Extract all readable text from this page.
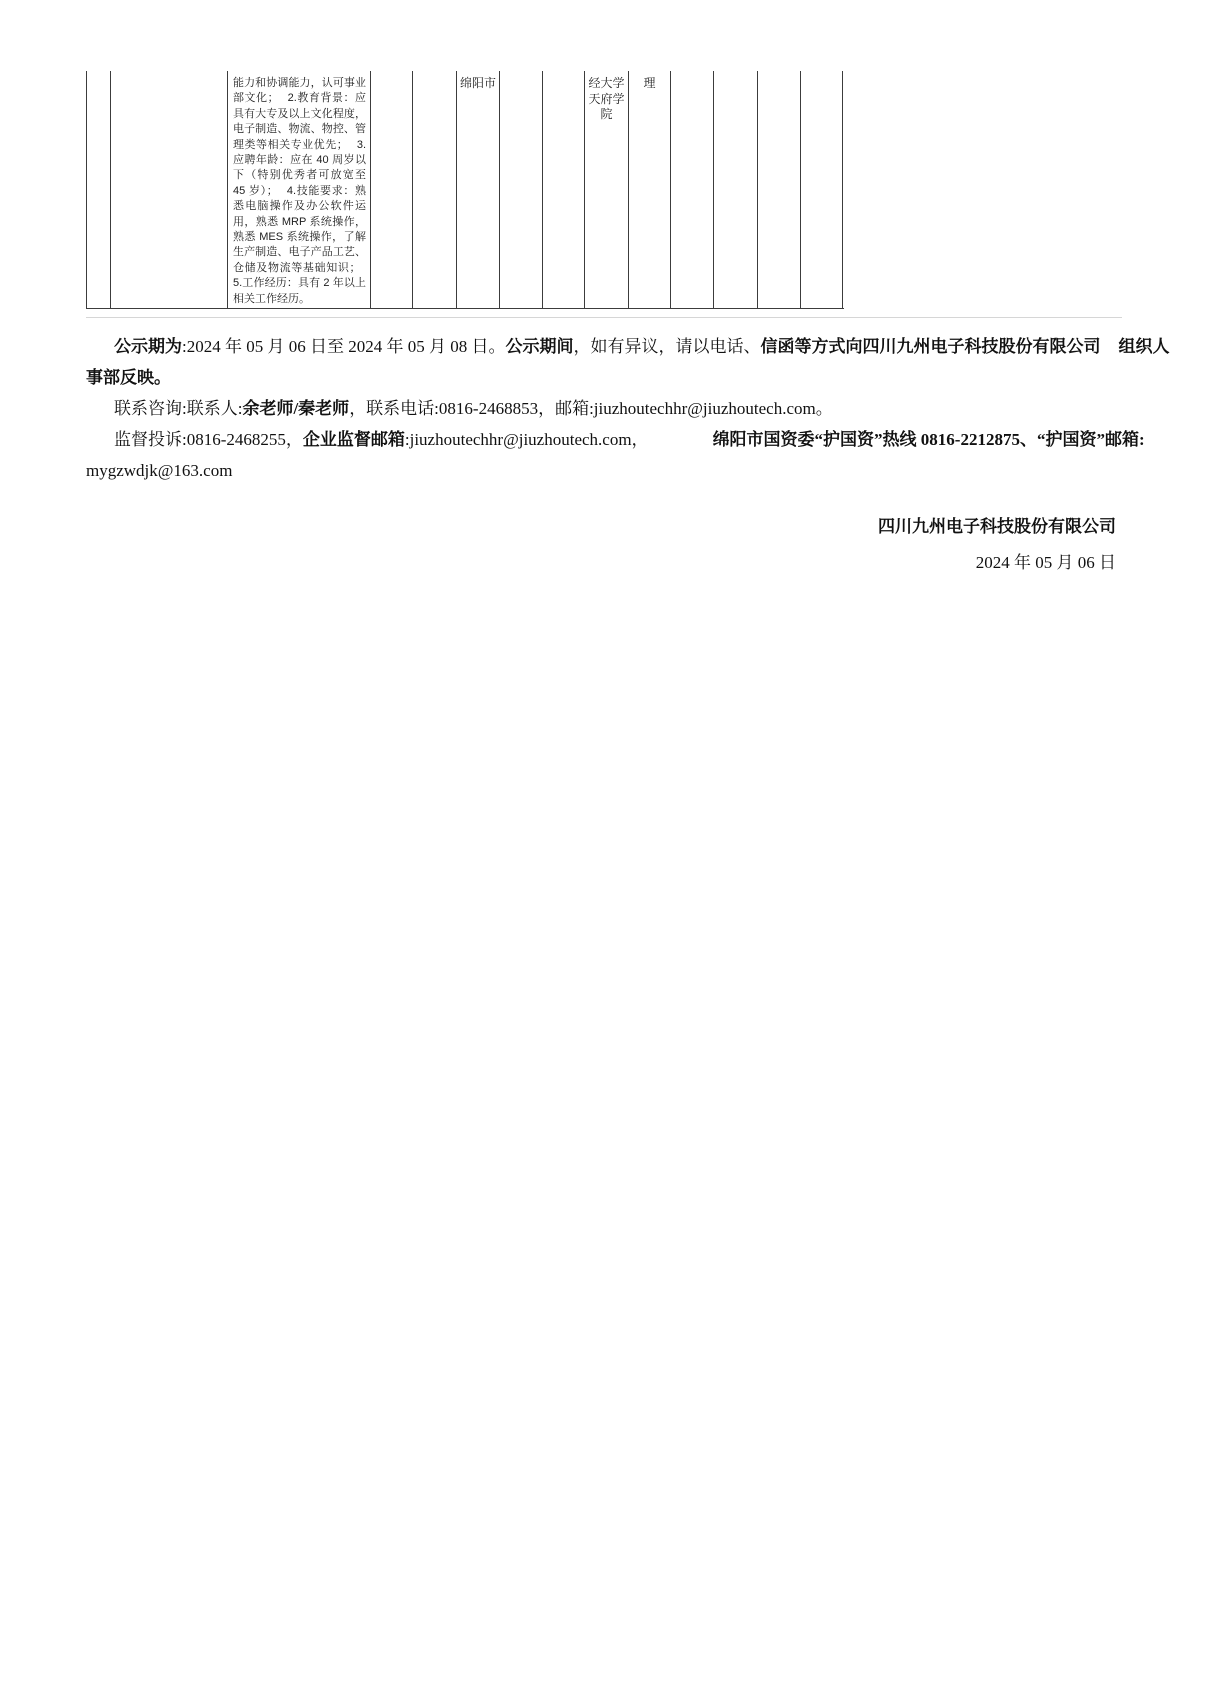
能力和协调能力，认可事业部文化；  2.教育背景：应具有大专及以上文化程度，电子制造、物流、物控、管理类等相关专业优先；  3.应聘年龄：应在 40 周岁以下（特别优秀者可放宽至 45 岁）；  4.技能要求：熟悉电脑操作及办公软件运用，熟悉 MRP 系统操作，熟悉 MES 系统操作，了解生产制造、电子产品工艺、仓储及物流等基础知识；  5.工作经历：具有 2 年以上相关工作经历。
绵阳市	经大学天府学院
理
公示期为:2024 年 05 月 06 日至 2024 年 05 月 08 日。公示期间，如有异议，请以电话、信函等方式向四川九州电子科技股份有限公司 组织人
事部反映。
联系咨询:联系人:余老师/秦老师，联系电话:0816-2468853，邮箱:jiuzhoutechhr@jiuzhoutech.com。
监督投诉:0816-2468255，企业监督邮箱:jiuzhoutechhr@jiuzhoutech.com，	绵阳市国资委“护国资”热线 0816-2212875、“护国资”邮箱:
mygzwdjk@163.com
四川九州电子科技股份有限公司
2024 年 05 月 06 日
